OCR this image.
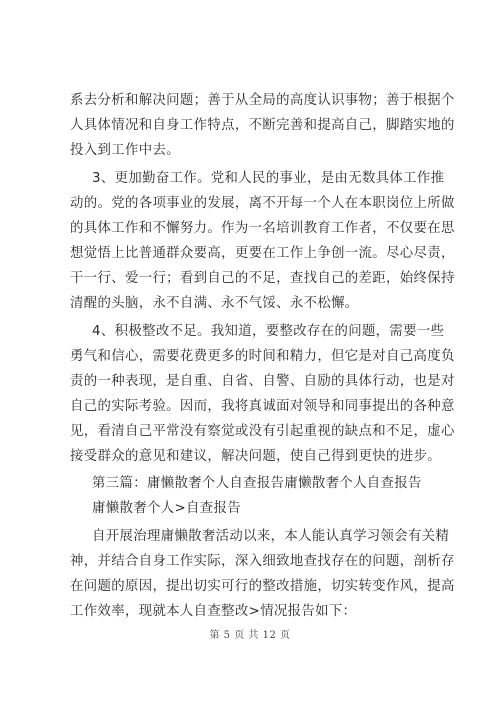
系去分析和解决问题；善于从全局的高度认识事物；善于根据个
人具体情况和自身工作特点，不断完善和提高自己，脚踏实地的
投入到工作中去。
3、更加勤奋工作。党和人民的事业，是由无数具体工作推
动的。党的各项事业的发展，离不开每一个人在本职岗位上所做
的具体工作和不懈努力。作为一名培训教育工作者，不仅要在思
想觉悟上比普通群众要高，更要在工作上争创一流。尽心尽责，
干一行、爱一行；看到自己的不足，查找自己的差距，始终保持
清醒的头脑，永不自满、永不气馁、永不松懈。
4、积极整改不足。我知道，要整改存在的问题，需要一些
勇气和信心，需要花费更多的时间和精力，但它是对自己高度负
责的一种表现，是自重、自省、自警、自励的具体行动，也是对
自己的实际考验。因而，我将真诚面对领导和同事提出的各种意
见，看清自己平常没有察觉或没有引起重视的缺点和不足，虚心
接受群众的意见和建议，解决问题，使自己得到更快的进步。
第三篇：庸懒散奢个人自查报告庸懒散奢个人自查报告
庸懒散奢个人>自查报告
自开展治理庸懒散奢活动以来，本人能认真学习领会有关精
神，并结合自身工作实际，深入细致地查找存在的问题，剖析存
在问题的原因，提出切实可行的整改措施，切实转变作风，提高
工作效率，现就本人自查整改>情况报告如下：
第 5 页 共 12 页
